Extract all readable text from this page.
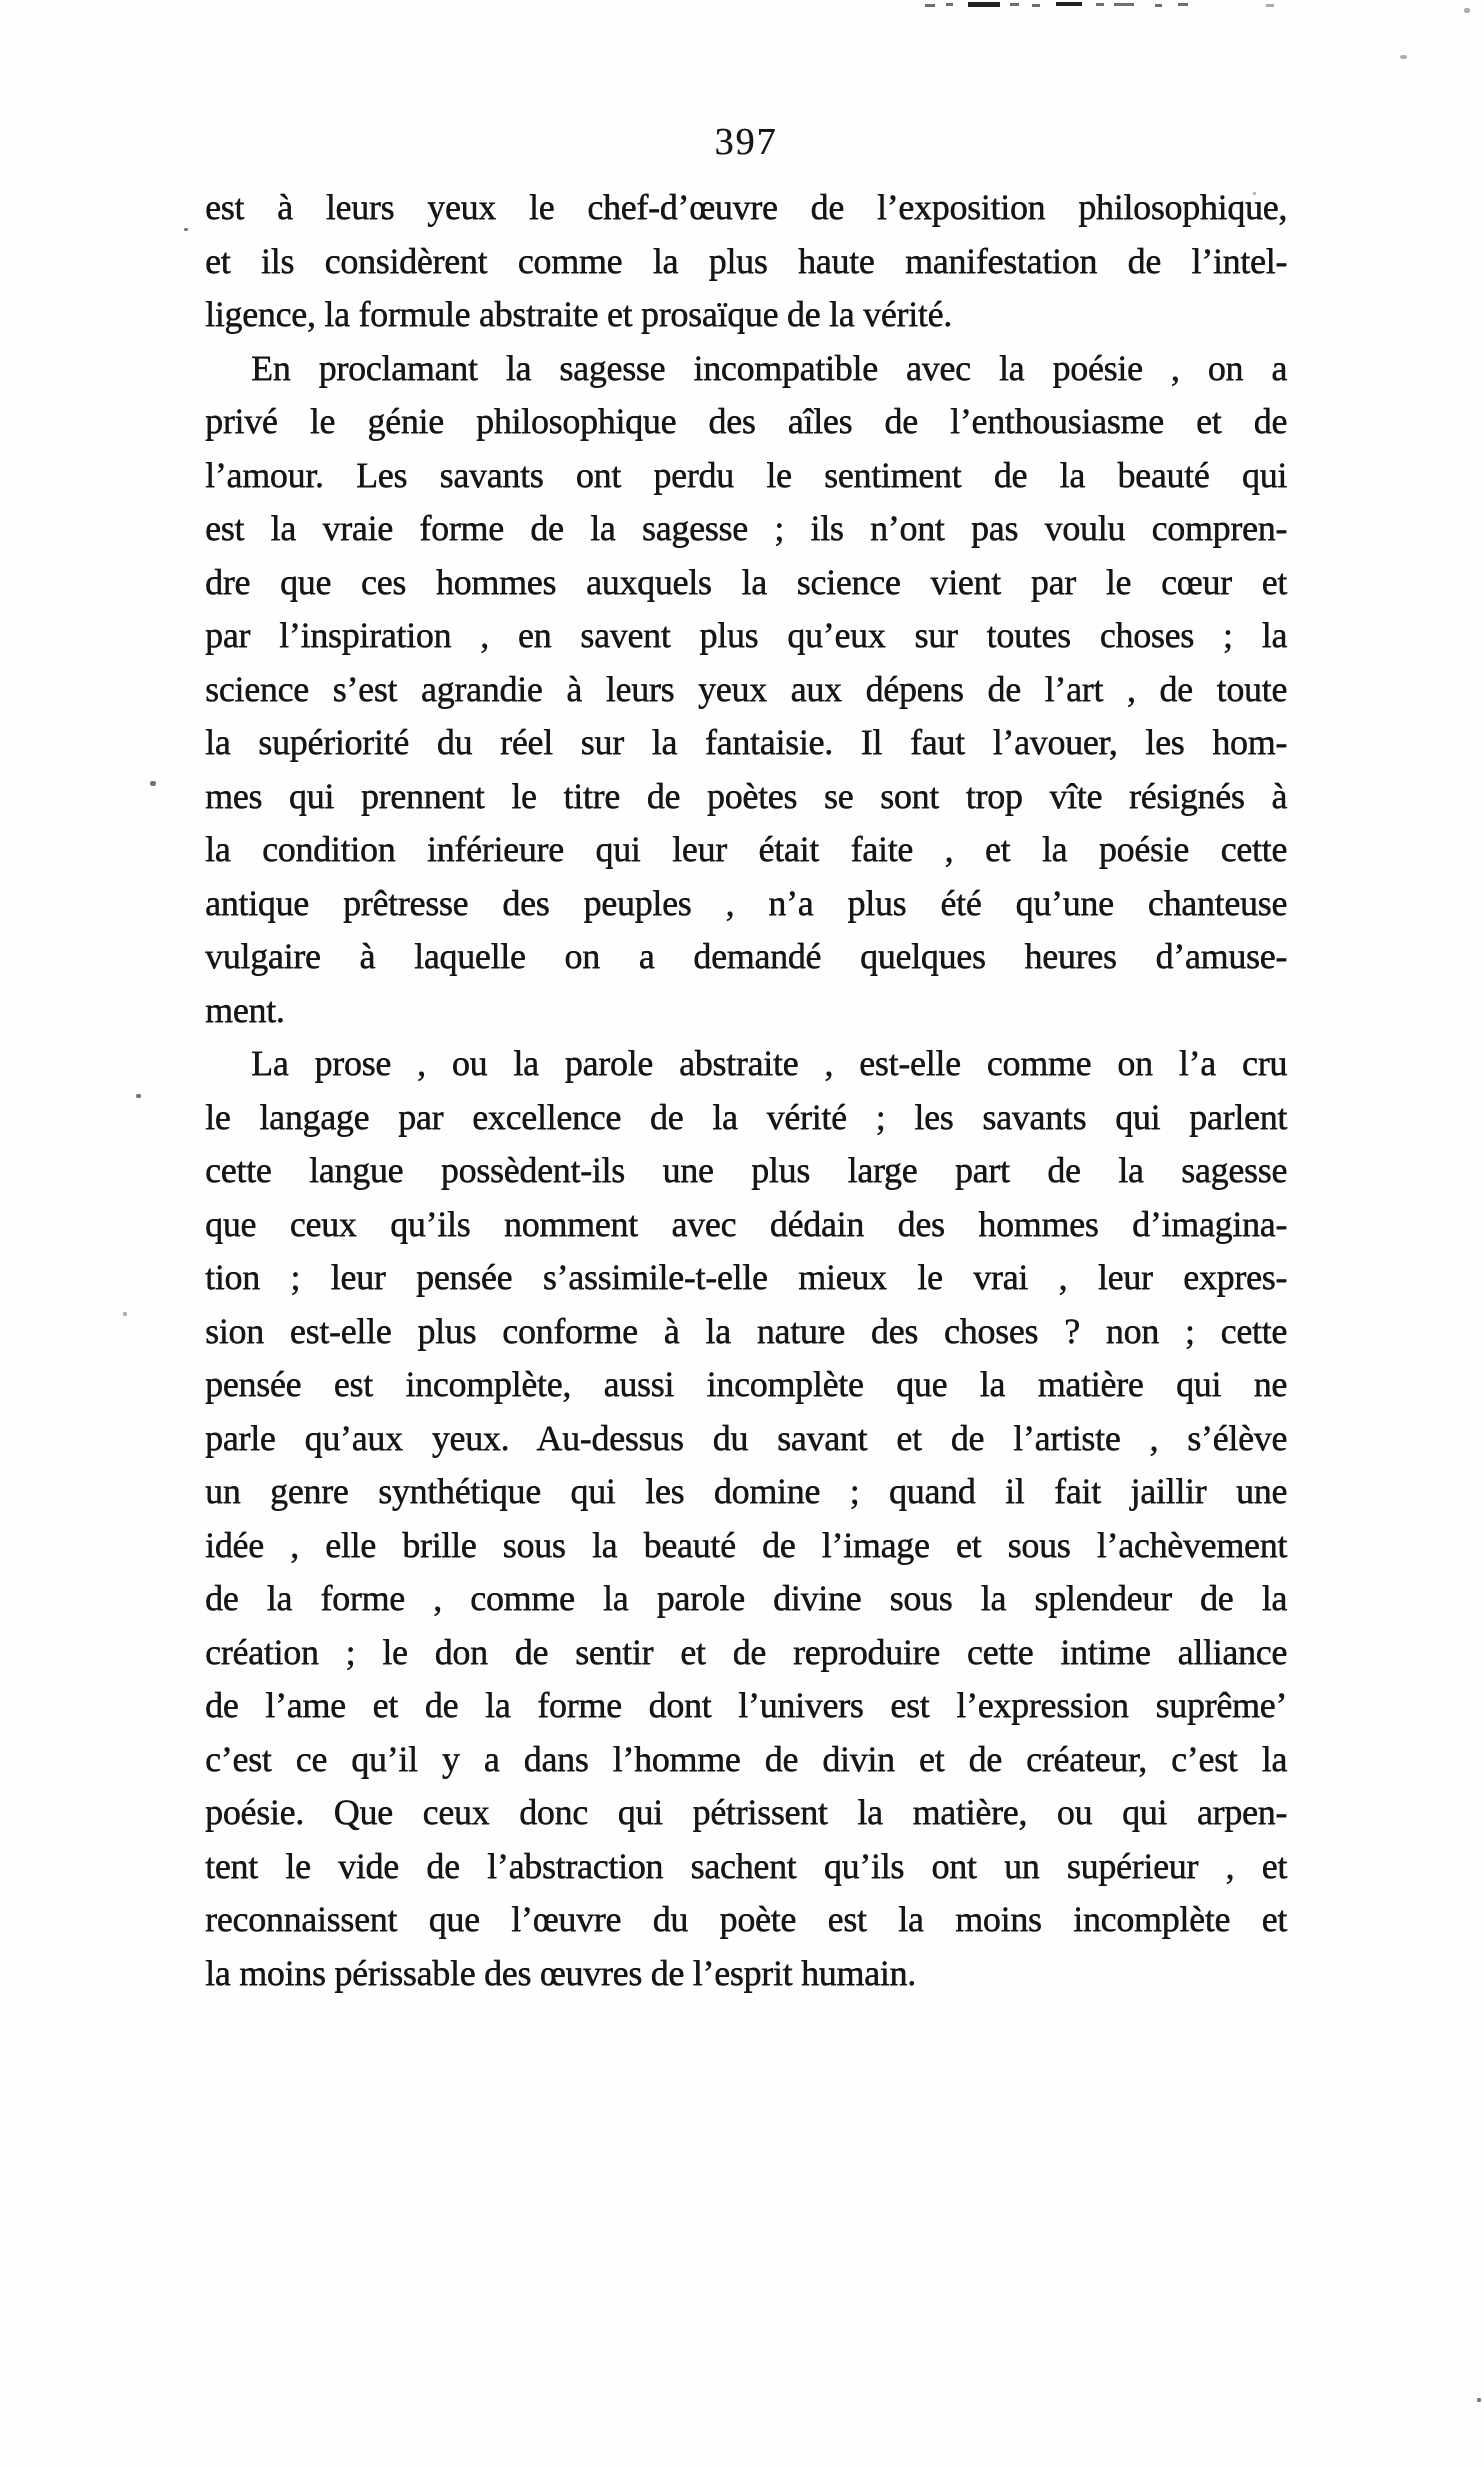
397
est à leurs yeux le chef-d’œuvre de l’exposition philosophique,
et ils considèrent comme la plus haute manifestation de l’intel-
ligence, la formule abstraite et prosaïque de la vérité.
En proclamant la sagesse incompatible avec la poésie , on a
privé le génie philosophique des aîles de l’enthousiasme et de
l’amour. Les savants ont perdu le sentiment de la beauté qui
est la vraie forme de la sagesse ; ils n’ont pas voulu compren-
dre que ces hommes auxquels la science vient par le cœur et
par l’inspiration , en savent plus qu’eux sur toutes choses ; la
science s’est agrandie à leurs yeux aux dépens de l’art , de toute
la supériorité du réel sur la fantaisie. Il faut l’avouer, les hom-
mes qui prennent le titre de poètes se sont trop vîte résignés à
la condition inférieure qui leur était faite , et la poésie cette
antique prêtresse des peuples , n’a plus été qu’une chanteuse
vulgaire à laquelle on a demandé quelques heures d’amuse-
ment.
La prose , ou la parole abstraite , est-elle comme on l’a cru
le langage par excellence de la vérité ; les savants qui parlent
cette langue possèdent-ils une plus large part de la sagesse
que ceux qu’ils nomment avec dédain des hommes d’imagina-
tion ; leur pensée s’assimile-t-elle mieux le vrai , leur expres-
sion est-elle plus conforme à la nature des choses ? non ; cette
pensée est incomplète, aussi incomplète que la matière qui ne
parle qu’aux yeux. Au-dessus du savant et de l’artiste , s’élève
un genre synthétique qui les domine ; quand il fait jaillir une
idée , elle brille sous la beauté de l’image et sous l’achèvement
de la forme , comme la parole divine sous la splendeur de la
création ; le don de sentir et de reproduire cette intime alliance
de l’ame et de la forme dont l’univers est l’expression suprême’
c’est ce qu’il y a dans l’homme de divin et de créateur, c’est la
poésie. Que ceux donc qui pétrissent la matière, ou qui arpen-
tent le vide de l’abstraction sachent qu’ils ont un supérieur , et
reconnaissent que l’œuvre du poète est la moins incomplète et
la moins périssable des œuvres de l’esprit humain.
